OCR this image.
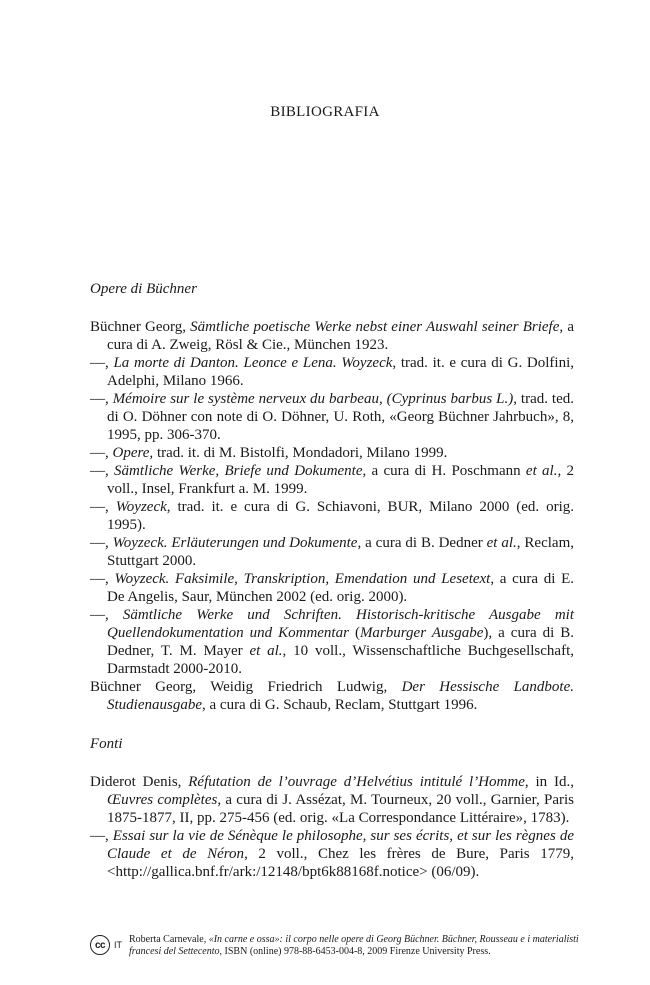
BIBLIOGRAFIA
Opere di Büchner

Büchner Georg, Sämtliche poetische Werke nebst einer Auswahl seiner Briefe, a cura di A. Zweig, Rösl & Cie., München 1923.

––, La morte di Danton. Leonce e Lena. Woyzeck, trad. it. e cura di G. Dolfini, Adelphi, Milano 1966.

––, Mémoire sur le système nerveux du barbeau, (Cyprinus barbus L.), trad. ted. di O. Döhner con note di O. Döhner, U. Roth, «Georg Büchner Jahrbuch», 8, 1995, pp. 306-370.

––, Opere, trad. it. di M. Bistolfi, Mondadori, Milano 1999.

––, Sämtliche Werke, Briefe und Dokumente, a cura di H. Poschmann et al., 2 voll., Insel, Frankfurt a. M. 1999.

––, Woyzeck, trad. it. e cura di G. Schiavoni, BUR, Milano 2000 (ed. orig. 1995).

––, Woyzeck. Erläuterungen und Dokumente, a cura di B. Dedner et al., Reclam, Stuttgart 2000.

––, Woyzeck. Faksimile, Transkription, Emendation und Lesetext, a cura di E. De Angelis, Saur, München 2002 (ed. orig. 2000).

––, Sämtliche Werke und Schriften. Historisch-kritische Ausgabe mit Quellendokumentation und Kommentar (Marburger Ausgabe), a cura di B. Dedner, T. M. Mayer et al., 10 voll., Wissenschaftliche Buchgesellschaft, Darmstadt 2000-2010.

Büchner Georg, Weidig Friedrich Ludwig, Der Hessische Landbote. Studienausgabe, a cura di G. Schaub, Reclam, Stuttgart 1996.

Fonti

Diderot Denis, Réfutation de l’ouvrage d’Helvétius intitulé l’Homme, in Id., Œuvres complètes, a cura di J. Assézat, M. Tourneux, 20 voll., Garnier, Paris 1875-1877, II, pp. 275-456 (ed. orig. «La Correspondance Littéraire», 1783).

––, Essai sur la vie de Sénèque le philosophe, sur ses écrits, et sur les règnes de Claude et de Néron, 2 voll., Chez les frères de Bure, Paris 1779, <http://gallica.bnf.fr/ark:/12148/bpt6k88168f.notice> (06/09).

cc IT Roberta Carnevale, «In carne e ossa»: il corpo nelle opere di Georg Büchner. Büchner, Rousseau e i materialisti francesi del Settecento, ISBN (online) 978-88-6453-004-8, 2009 Firenze University Press.
